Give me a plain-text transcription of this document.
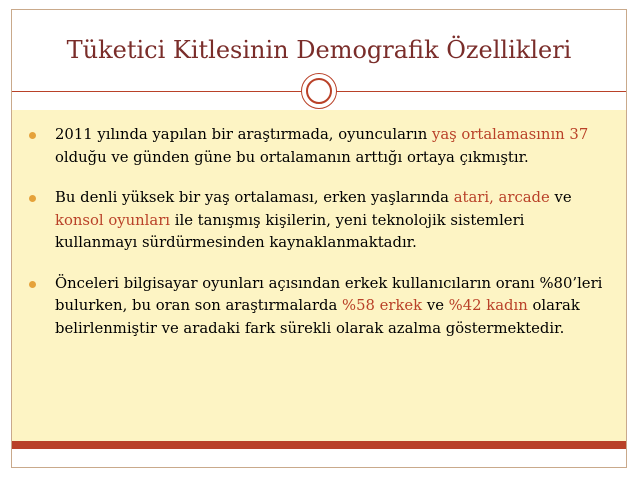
Tüketici Kitlesinin Demografik Özellikleri
2011 yılında yapılan bir araştırmada, oyuncuların yaş ortalamasının 37 olduğu ve günden güne bu ortalamanın arttığı ortaya çıkmıştır.
Bu denli yüksek bir yaş ortalaması, erken yaşlarında atari, arcade ve konsol oyunları ile tanışmış kişilerin, yeni teknolojik sistemleri kullanmayı sürdürmesinden kaynaklanmaktadır.
Önceleri bilgisayar oyunları açısından erkek kullanıcıların oranı %80’leri bulurken, bu oran son araştırmalarda %58 erkek ve %42 kadın olarak belirlenmiştir ve aradaki fark sürekli olarak azalma göstermektedir.
